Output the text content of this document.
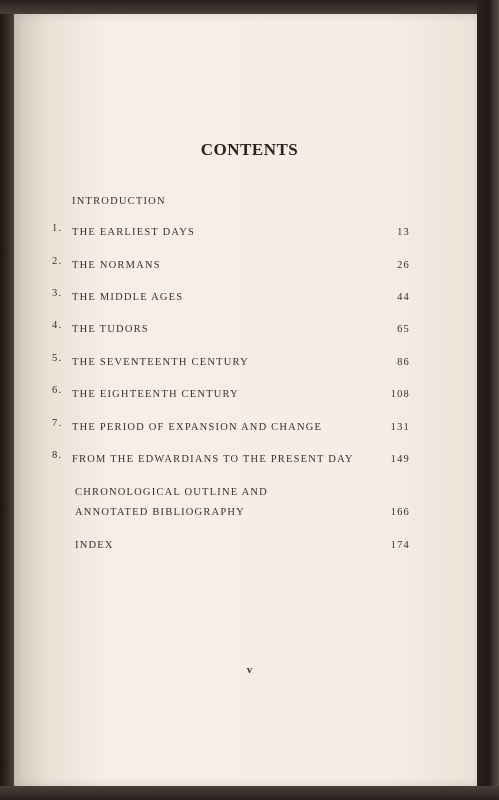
CONTENTS
INTRODUCTION
1. THE EARLIEST DAYS	13
2. THE NORMANS	26
3. THE MIDDLE AGES	44
4. THE TUDORS	65
5. THE SEVENTEENTH CENTURY	86
6. THE EIGHTEENTH CENTURY	108
7. THE PERIOD OF EXPANSION AND CHANGE	131
8. FROM THE EDWARDIANS TO THE PRESENT DAY	149
CHRONOLOGICAL OUTLINE AND ANNOTATED BIBLIOGRAPHY	166
INDEX	174
v
